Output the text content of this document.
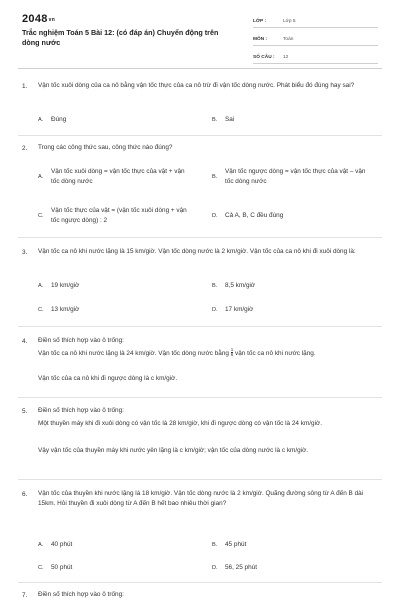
$2048^{vn}$
Trắc nghiệm Toán 5 Bài 12: (có đáp án) Chuyển động trên dòng nước
LỚP :	Lớp 5
MÔN :	Toán
SỐ CÂU :	12
1. Vận tốc xuôi dòng của ca nô bằng vận tốc thực của ca nô trừ đi vận tốc dòng nước. Phát biểu đó đúng hay sai?
A. Đúng	B. Sai
2. Trong các công thức sau, công thức nào đúng?
A.Vận tốc xuôi dòng = vận tốc thực của vật + vận tốc dòng nước
B.Vận tốc ngược dòng = vận tốc thực của vật – vận tốc dòng nước
C.Vận tốc thực của vật = (vận tốc xuôi dòng + vận tốc ngược dòng) : 2
D. Cả A, B, C đều đúng
3. Vận tốc ca nô khi nước lặng là 15 km/giờ. Vận tốc dòng nước là 2 km/giờ. Vận tốc của ca nô khi đi xuôi dòng là:
A. 19 km/giờ	B. 8,5 km/giờ
C. 13 km/giờ	D. 17 km/giờ
4. Điền số thích hợp vào ô trống:
Vận tốc ca nô khi nước lặng là 24 km/giờ. Vận tốc dòng nước bằng $\frac{1}{6}$ vận tốc ca nô khi nước lặng.
Vận tốc của ca nô khi đi ngược dòng là c km/giờ.
5. Điền số thích hợp vào ô trống:
Một thuyền máy khi đi xuôi dòng có vận tốc là 28 km/giờ, khi đi ngược dòng có vận tốc là 24 km/giờ.
Vậy vận tốc của thuyền máy khi nước yên lặng là c km/giờ; vận tốc của dòng nước là c km/giờ.
6. Vận tốc của thuyền khi nước lặng là 18 km/giờ. Vận tốc dòng nước là 2 km/giờ. Quãng đường sông từ A đến B dài 15km. Hỏi thuyền đi xuôi dòng từ A đến B hết bao nhiêu thời gian?
A. 40 phút	B. 45 phút
C. 50 phút	D. 56, 25 phút
7. Điền số thích hợp vào ô trống:
